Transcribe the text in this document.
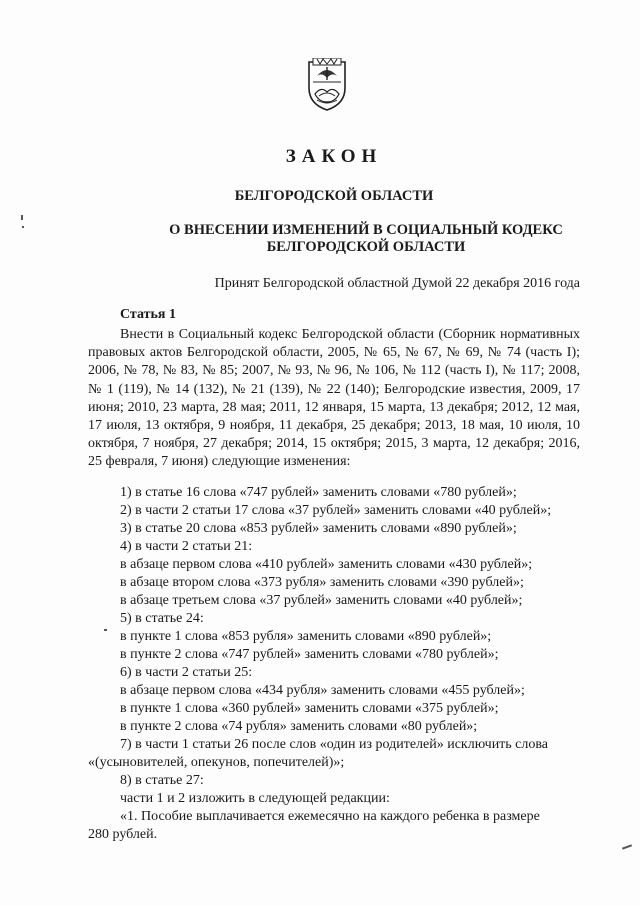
ЗАКОН
БЕЛГОРОДСКОЙ ОБЛАСТИ
О ВНЕСЕНИИ ИЗМЕНЕНИЙ В СОЦИАЛЬНЫЙ КОДЕКС
БЕЛГОРОДСКОЙ ОБЛАСТИ
Принят Белгородской областной Думой 22 декабря 2016 года
Статья 1
Внести в Социальный кодекс Белгородской области (Сборник нормативных правовых актов Белгородской области, 2005, № 65, № 67, № 69, № 74 (часть I); 2006, № 78, № 83, № 85; 2007, № 93, № 96, № 106, № 112 (часть I), № 117; 2008, № 1 (119), № 14 (132), № 21 (139), № 22 (140); Белгородские известия, 2009, 17 июня; 2010, 23 марта, 28 мая; 2011, 12 января, 15 марта, 13 декабря; 2012, 12 мая, 17 июля, 13 октября, 9 ноября, 11 декабря, 25 декабря; 2013, 18 мая, 10 июля, 10 октября, 7 ноября, 27 декабря; 2014, 15 октября; 2015, 3 марта, 12 декабря; 2016, 25 февраля, 7 июня) следующие изменения:
1) в статье 16 слова «747 рублей» заменить словами «780 рублей»;
2) в части 2 статьи 17 слова «37 рублей» заменить словами «40 рублей»;
3) в статье 20 слова «853 рублей» заменить словами «890 рублей»;
4) в части 2 статьи 21:
в абзаце первом слова «410 рублей» заменить словами «430 рублей»;
в абзаце втором слова «373 рубля» заменить словами «390 рублей»;
в абзаце третьем слова «37 рублей» заменить словами «40 рублей»;
5) в статье 24:
в пункте 1 слова «853 рубля» заменить словами «890 рублей»;
в пункте 2 слова «747 рублей» заменить словами «780 рублей»;
6) в части 2 статьи 25:
в абзаце первом слова «434 рубля» заменить словами «455 рублей»;
в пункте 1 слова «360 рублей» заменить словами «375 рублей»;
в пункте 2 слова «74 рубля» заменить словами «80 рублей»;
7) в части 1 статьи 26 после слов «один из родителей» исключить слова
«(усыновителей, опекунов, попечителей)»;
8) в статье 27:
части 1 и 2 изложить в следующей редакции:
«1. Пособие выплачивается ежемесячно на каждого ребенка в размере
280 рублей.
